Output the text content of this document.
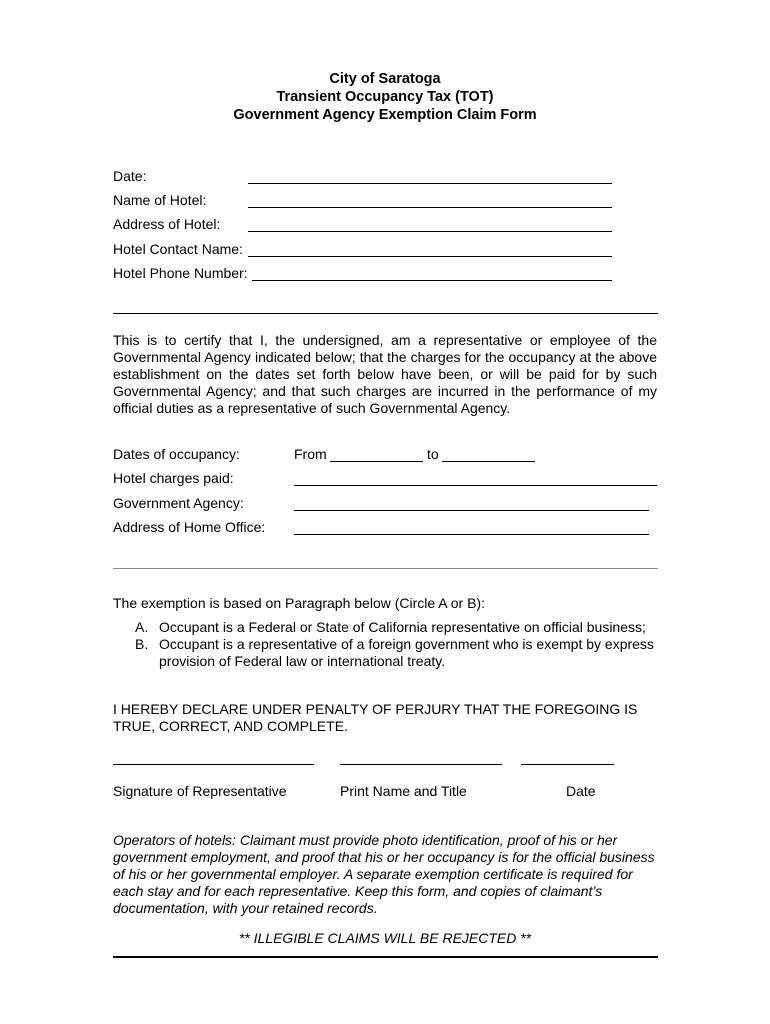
City of Saratoga
Transient Occupancy Tax (TOT)
Government Agency Exemption Claim Form
Date:
Name of Hotel:
Address of Hotel:
Hotel Contact Name:
Hotel Phone Number:
This is to certify that I, the undersigned, am a representative or employee of the Governmental Agency indicated below; that the charges for the occupancy at the above establishment on the dates set forth below have been, or will be paid for by such Governmental Agency; and that such charges are incurred in the performance of my official duties as a representative of such Governmental Agency.
Dates of occupancy:	From	to
Hotel charges paid:
Government Agency:
Address of Home Office:
The exemption is based on Paragraph below (Circle A or B):
A. Occupant is a Federal or State of California representative on official business;
B. Occupant is a representative of a foreign government who is exempt by express provision of Federal law or international treaty.
I HEREBY DECLARE UNDER PENALTY OF PERJURY THAT THE FOREGOING IS TRUE, CORRECT, AND COMPLETE.
Signature of Representative	Print Name and Title	Date
Operators of hotels: Claimant must provide photo identification, proof of his or her government employment, and proof that his or her occupancy is for the official business of his or her governmental employer. A separate exemption certificate is required for each stay and for each representative. Keep this form, and copies of claimant’s documentation, with your retained records.
** ILLEGIBLE CLAIMS WILL BE REJECTED **
